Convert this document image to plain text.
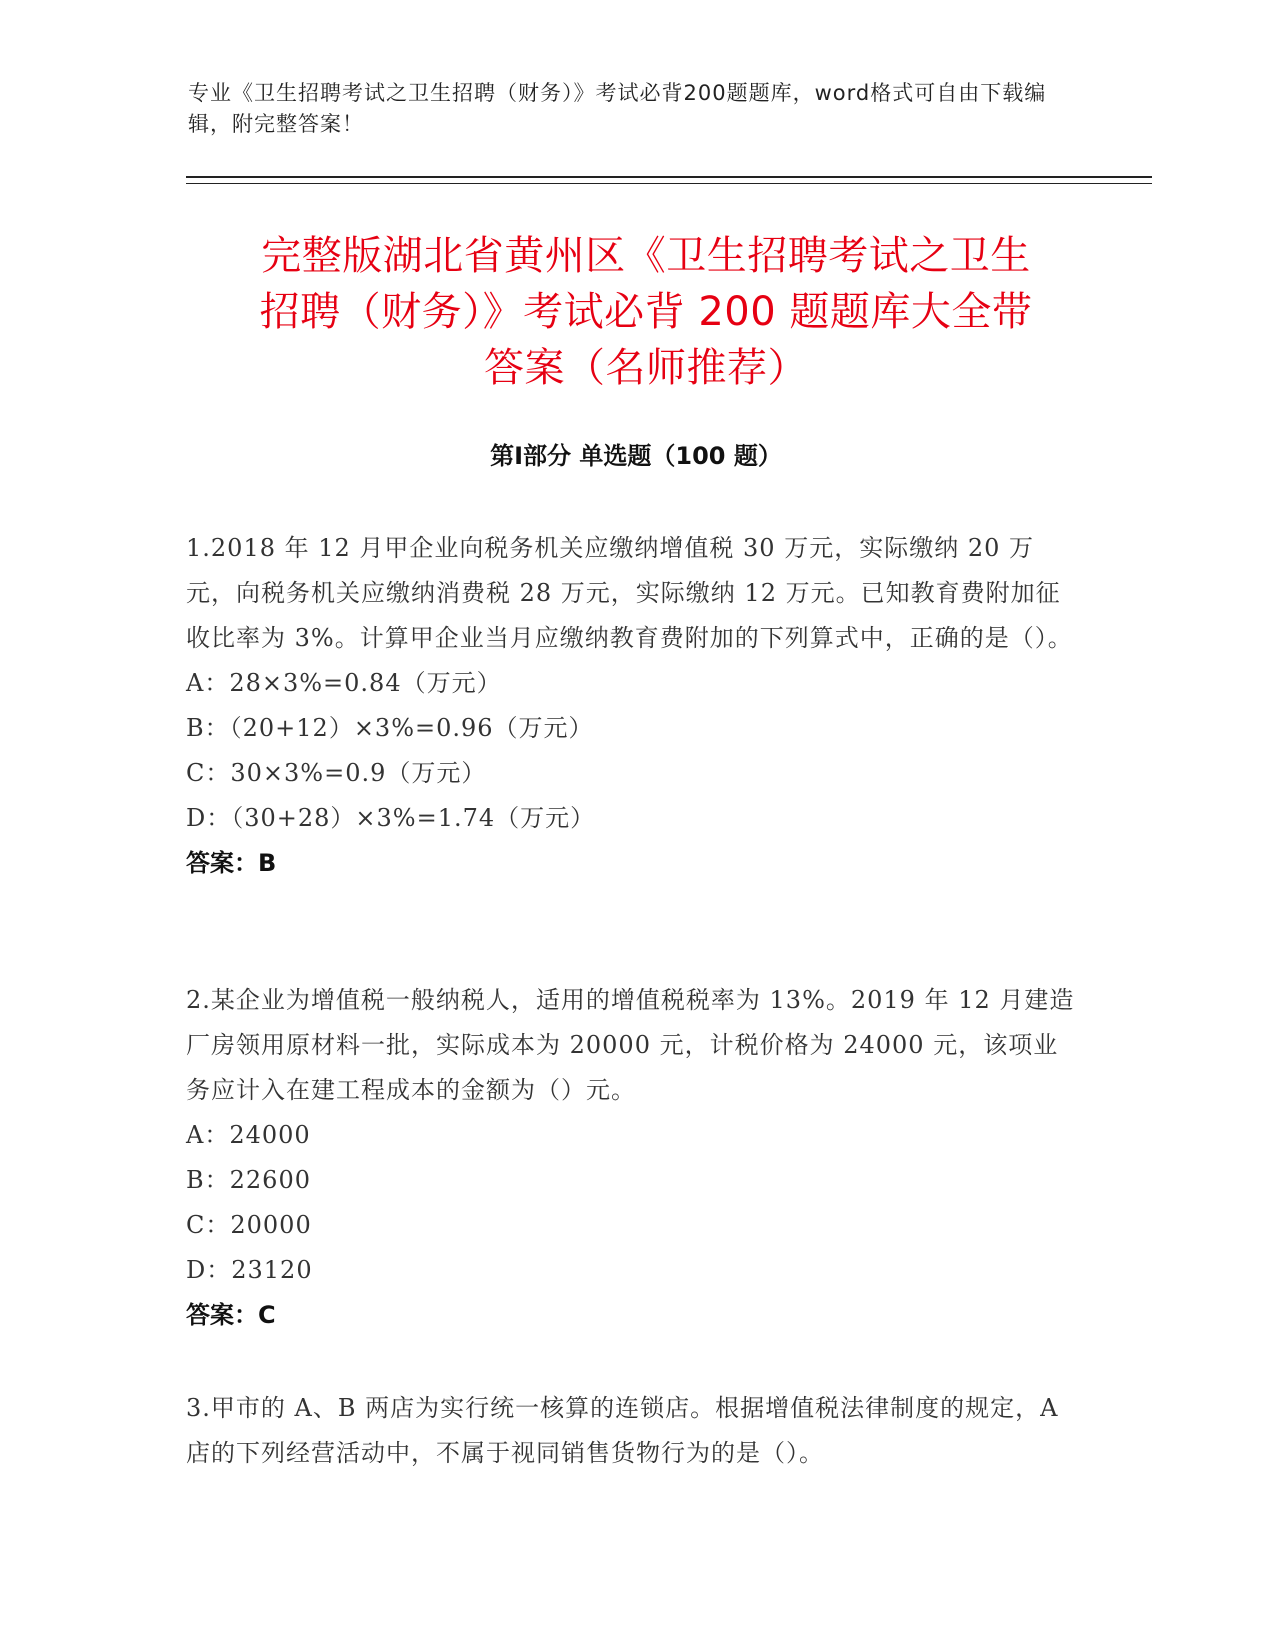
专业《卫生招聘考试之卫生招聘（财务）》考试必背200题题库，word格式可自由下载编辑，附完整答案！
完整版湖北省黄州区《卫生招聘考试之卫生
招聘（财务）》考试必背 200 题题库大全带
答案（名师推荐）
第Ⅰ部分 单选题（100 题）
1.2018 年 12 月甲企业向税务机关应缴纳增值税 30 万元，实际缴纳 20 万元，向税务机关应缴纳消费税 28 万元，实际缴纳 12 万元。已知教育费附加征收比率为 3%。计算甲企业当月应缴纳教育费附加的下列算式中，正确的是（）。
A：28×3%=0.84（万元）
B：（20+12）×3%=0.96（万元）
C：30×3%=0.9（万元）
D：（30+28）×3%=1.74（万元）
答案：B
2.某企业为增值税一般纳税人，适用的增值税税率为 13%。2019 年 12 月建造厂房领用原材料一批，实际成本为 20000 元，计税价格为 24000 元，该项业务应计入在建工程成本的金额为（）元。
A：24000
B：22600
C：20000
D：23120
答案：C
3.甲市的 A、B 两店为实行统一核算的连锁店。根据增值税法律制度的规定，A 店的下列经营活动中，不属于视同销售货物行为的是（）。
